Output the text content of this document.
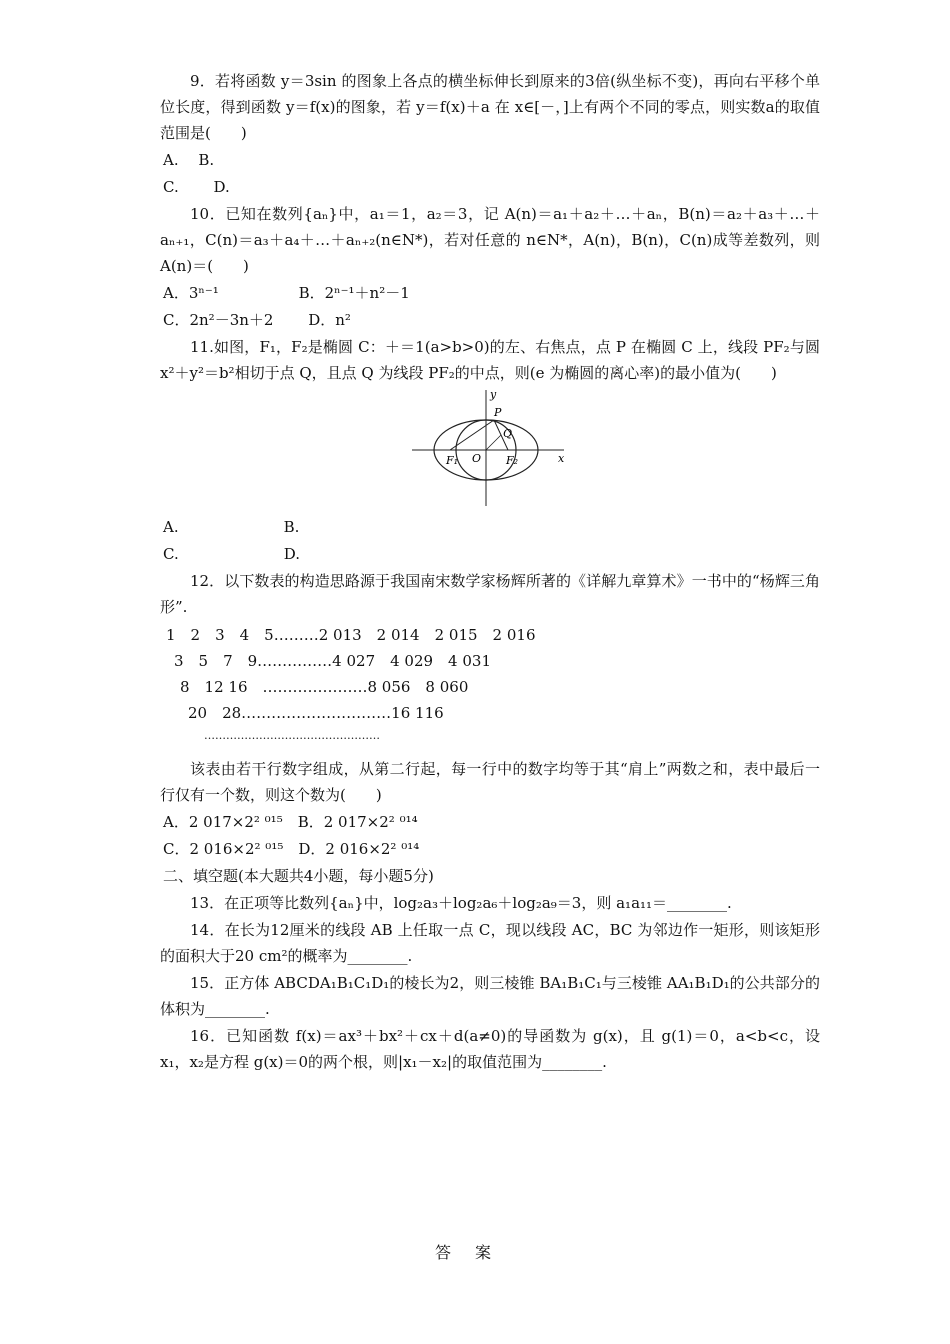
9．若将函数 y＝3sin 的图象上各点的横坐标伸长到原来的3倍(纵坐标不变)，再向右平移个单位长度，得到函数 y＝f(x)的图象，若 y＝f(x)＋a 在 x∈[－，]上有两个不同的零点，则实数a的取值范围是(　　)

A.　 B.

C.　　 D.

10．已知在数列{aₙ}中，a₁＝1，a₂＝3，记 A(n)＝a₁＋a₂＋…＋aₙ，B(n)＝a₂＋a₃＋…＋aₙ₊₁，C(n)＝a₃＋a₄＋…＋aₙ₊₂(n∈N*)，若对任意的 n∈N*，A(n)，B(n)，C(n)成等差数列，则 A(n)＝(　　)

A．3ⁿ⁻¹　　　　　 B．2ⁿ⁻¹＋n²－1

C．2n²－3n＋2　　 D．n²

11.如图，F₁，F₂是椭圆 C：＋＝1(a>b>0)的左、右焦点，点 P 在椭圆 C 上，线段 PF₂与圆 x²＋y²＝b²相切于点 Q，且点 Q 为线段 PF₂的中点，则(e 为椭圆的离心率)的最小值为(　　)

y
x
P
Q
O
F₁	F₂

A.　　　　　　　B.

C.　　　　　　　D.

12．以下数表的构造思路源于我国南宋数学家杨辉所著的《详解九章算术》一书中的“杨辉三角形”.

1　2　3　4　5………2 013　2 014　2 015　2 016
3　5　7　9……………4 027　4 029　4 031
8　12 16　…………………8 056　8 060
20　28…………………………16 116
…………………………………………

该表由若干行数字组成，从第二行起，每一行中的数字均等于其“肩上”两数之和，表中最后一行仅有一个数，则这个数为(　　)

A．2 017×2² ⁰¹⁵　B．2 017×2² ⁰¹⁴

C．2 016×2² ⁰¹⁵　D．2 016×2² ⁰¹⁴

二、填空题(本大题共4小题，每小题5分)

13．在正项等比数列{aₙ}中，log₂a₃＋log₂a₆＋log₂a₉＝3，则 a₁a₁₁＝________.

14．在长为12厘米的线段 AB 上任取一点 C，现以线段 AC，BC 为邻边作一矩形，则该矩形的面积大于20 cm²的概率为________.

15．正方体 ABCDA₁B₁C₁D₁的棱长为2，则三棱锥 BA₁B₁C₁与三棱锥 AA₁B₁D₁的公共部分的体积为________.

16．已知函数 f(x)＝ax³＋bx²＋cx＋d(a≠0)的导函数为 g(x)，且 g(1)＝0，a<b<c，设 x₁，x₂是方程 g(x)＝0的两个根，则|x₁－x₂|的取值范围为________.

答案
